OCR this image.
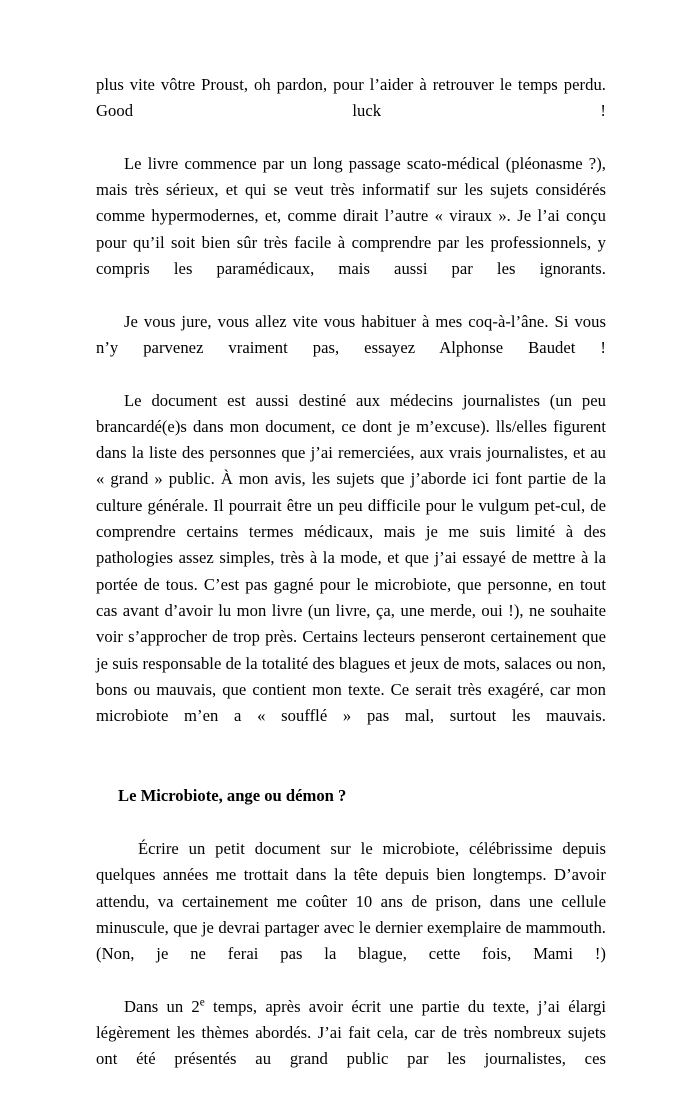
plus vite vôtre Proust, oh pardon, pour l’aider à retrouver le temps perdu. Good luck !

Le livre commence par un long passage scato-médical (pléonasme ?), mais très sérieux, et qui se veut très informatif sur les sujets considérés comme hypermodernes, et, comme dirait l’autre « viraux ». Je l’ai conçu pour qu’il soit bien sûr très facile à comprendre par les professionnels, y compris les paramédicaux, mais aussi par les ignorants.

Je vous jure, vous allez vite vous habituer à mes coq-à-l’âne. Si vous n’y parvenez vraiment pas, essayez Alphonse Baudet !

Le document est aussi destiné aux médecins journalistes (un peu brancardé(e)s dans mon document, ce dont je m’excuse). lls/elles figurent dans la liste des personnes que j’ai remerciées, aux vrais journalistes, et au « grand » public. À mon avis, les sujets que j’aborde ici font partie de la culture générale. Il pourrait être un peu difficile pour le vulgum pet-cul, de comprendre certains termes médicaux, mais je me suis limité à des pathologies assez simples, très à la mode, et que j’ai essayé de mettre à la portée de tous. C’est pas gagné pour le microbiote, que personne, en tout cas avant d’avoir lu mon livre (un livre, ça, une merde, oui !), ne souhaite voir s’approcher de trop près. Certains lecteurs penseront certainement que je suis responsable de la totalité des blagues et jeux de mots, salaces ou non, bons ou mauvais, que contient mon texte. Ce serait très exagéré, car mon microbiote m’en a « soufflé » pas mal, surtout les mauvais.

Le Microbiote, ange ou démon ?

Écrire un petit document sur le microbiote, célébrissime depuis quelques années me trottait dans la tête depuis bien longtemps. D’avoir attendu, va certainement me coûter 10 ans de prison, dans une cellule minuscule, que je devrai partager avec le dernier exemplaire de mammouth. (Non, je ne ferai pas la blague, cette fois, Mami !)

Dans un 2e temps, après avoir écrit une partie du texte, j’ai élargi légèrement les thèmes abordés. J’ai fait cela, car de très nombreux sujets ont été présentés au grand public par les journalistes, ces
